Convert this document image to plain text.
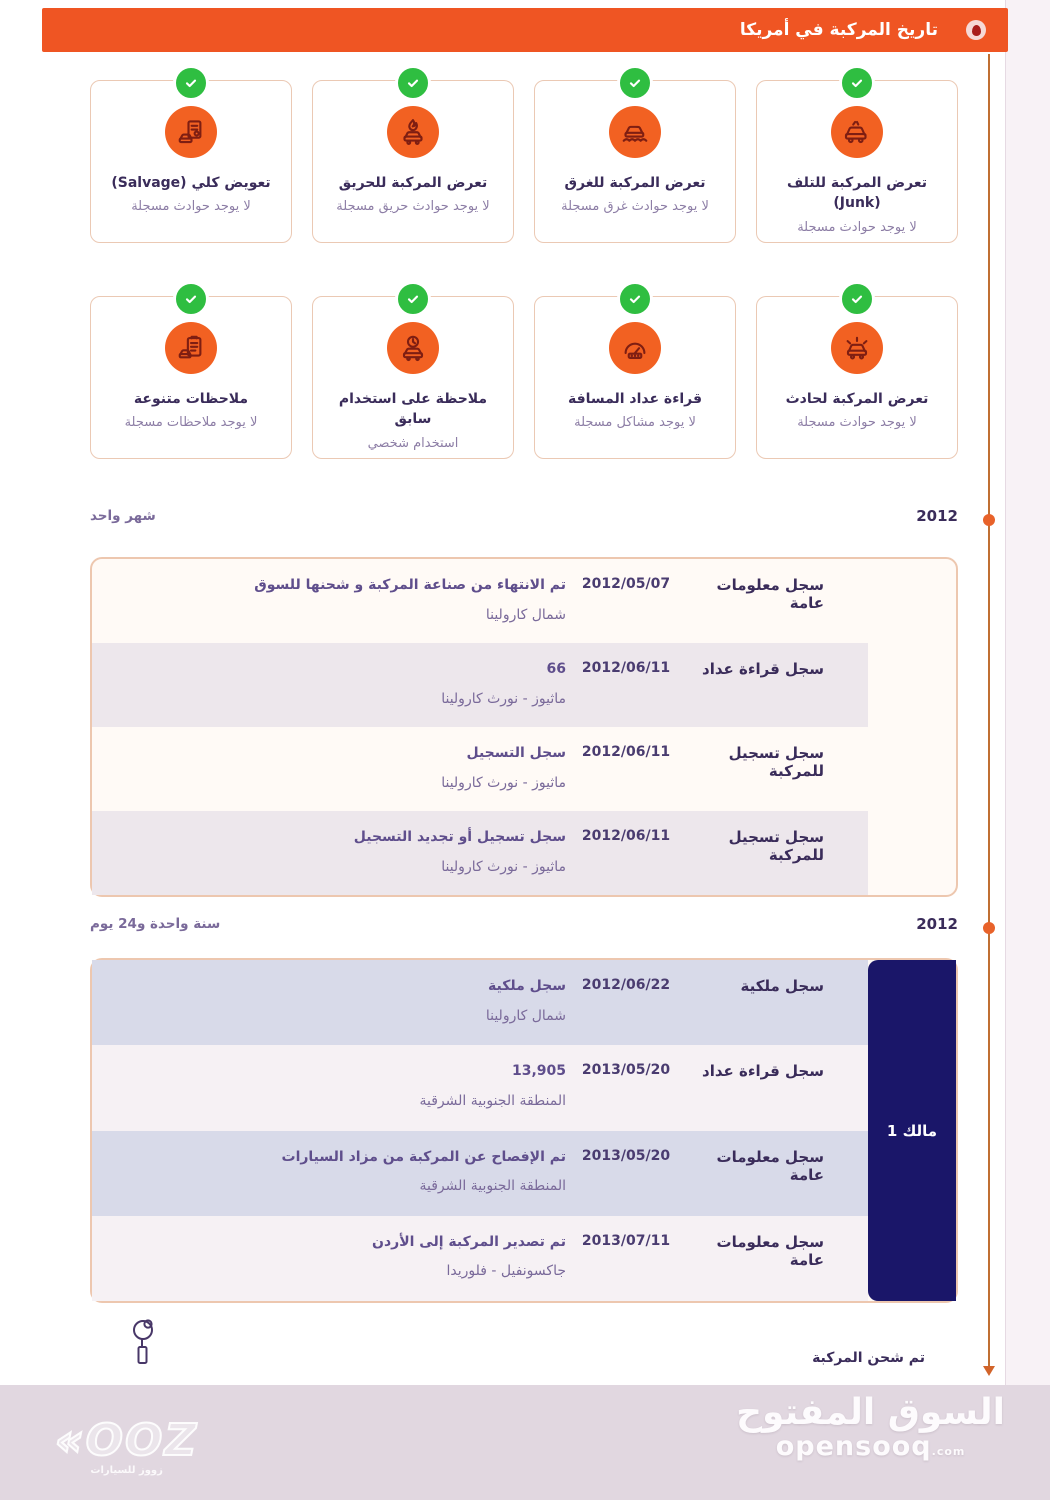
تاريخ المركبة في أمريكا
تعرض المركبة للتلف (Junk)
لا يوجد حوادث مسجلة
تعرض المركبة للغرق
لا يوجد حوادث غرق مسجلة
تعرض المركبة للحريق
لا يوجد حوادث حريق مسجلة
تعويض كلي (Salvage)
لا يوجد حوادث مسجلة
تعرض المركبة لحادث
لا يوجد حوادث مسجلة
قراءة عداد المسافة
لا يوجد مشاكل مسجلة
ملاحظة على استخدام سابق
استخدام شخصي
ملاحظات متنوعة
لا يوجد ملاحظات مسجلة
2012
شهر واحد
سجل معلومات عامة
2012/05/07
تم الانتهاء من صناعة المركبة و شحنها للسوق
شمال كارولينا
سجل قراءة عداد
2012/06/11
66
ماثيوز - نورث كارولينا
سجل تسجيل للمركبة
2012/06/11
سجل التسجيل
ماثيوز - نورث كارولينا
سجل تسجيل للمركبة
2012/06/11
سجل تسجيل أو تجديد التسجيل
ماثيوز - نورث كارولينا
2012
سنة واحدة و24 يوم
مالك 1
سجل ملكية
2012/06/22
سجل ملكية
شمال كارولينا
سجل قراءة عداد
2013/05/20
13,905
المنطقة الجنوبية الشرقية
سجل معلومات عامة
2013/05/20
تم الإفصاح عن المركبة من مزاد السيارات
المنطقة الجنوبية الشرقية
سجل معلومات عامة
2013/07/11
تم تصدير المركبة إلى الأردن
جاكسونفيل - فلوريدا
تم شحن المركبة
السوق المفتوح
opensooq.com
«OOZ
زووز للسيارات
